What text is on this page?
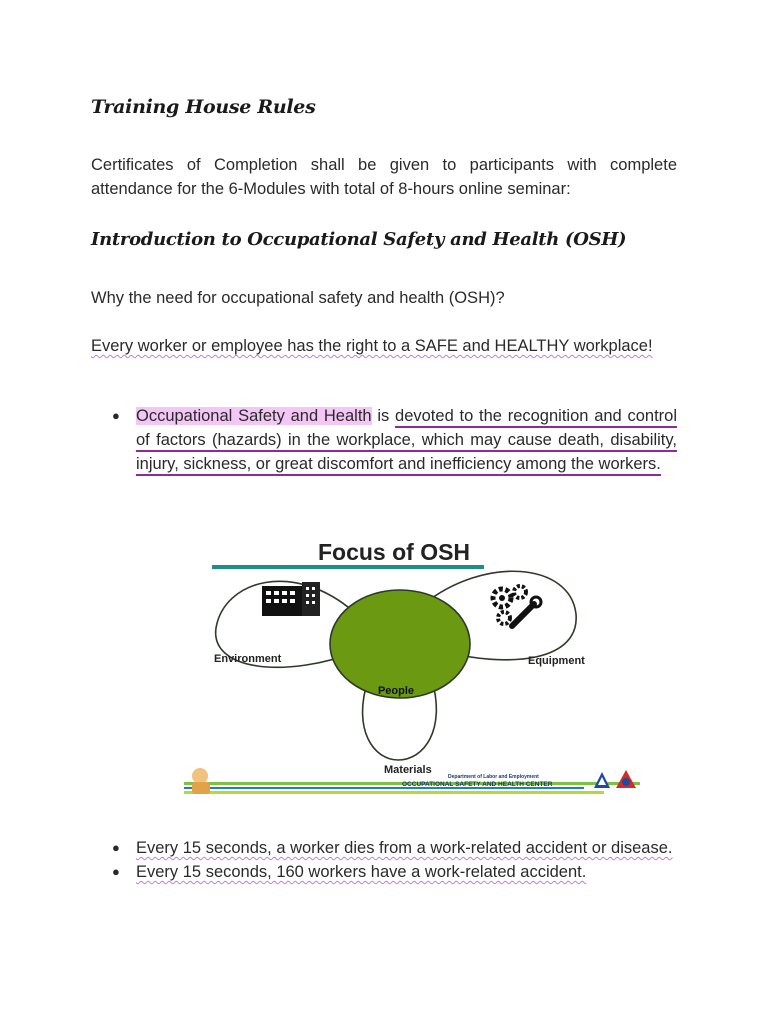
Training House Rules

Certificates of Completion shall be given to participants with complete attendance for the 6-Modules with total of 8-hours online seminar:

Introduction to Occupational Safety and Health (OSH)

Why the need for occupational safety and health (OSH)?

Every worker or employee has the right to a SAFE and HEALTHY workplace!

● Occupational Safety and Health is devoted to the recognition and control of factors (hazards) in the workplace, which may cause death, disability, injury, sickness, or great discomfort and inefficiency among the workers.
Focus of OSH
Environment	Equipment
People
Materials
Department of Labor and Employment
OCCUPATIONAL SAFETY AND HEALTH CENTER
● Every 15 seconds, a worker dies from a work-related accident or disease.
● Every 15 seconds, 160 workers have a work-related accident.
